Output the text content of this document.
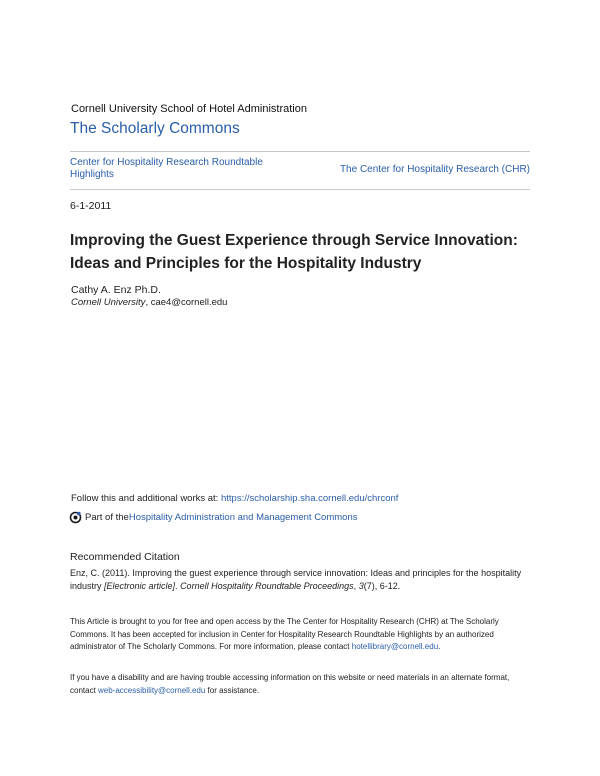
Cornell University School of Hotel Administration
The Scholarly Commons
Center for Hospitality Research Roundtable Highlights	The Center for Hospitality Research (CHR)
6-1-2011
Improving the Guest Experience through Service Innovation: Ideas and Principles for the Hospitality Industry
Cathy A. Enz Ph.D.
Cornell University, cae4@cornell.edu
Follow this and additional works at: https://scholarship.sha.cornell.edu/chrconf
Part of the Hospitality Administration and Management Commons
Recommended Citation
Enz, C. (2011). Improving the guest experience through service innovation: Ideas and principles for the hospitality industry [Electronic article]. Cornell Hospitality Roundtable Proceedings, 3(7), 6-12.
This Article is brought to you for free and open access by the The Center for Hospitality Research (CHR) at The Scholarly Commons. It has been accepted for inclusion in Center for Hospitality Research Roundtable Highlights by an authorized administrator of The Scholarly Commons. For more information, please contact hotellibrary@cornell.edu.
If you have a disability and are having trouble accessing information on this website or need materials in an alternate format, contact web-accessibility@cornell.edu for assistance.
